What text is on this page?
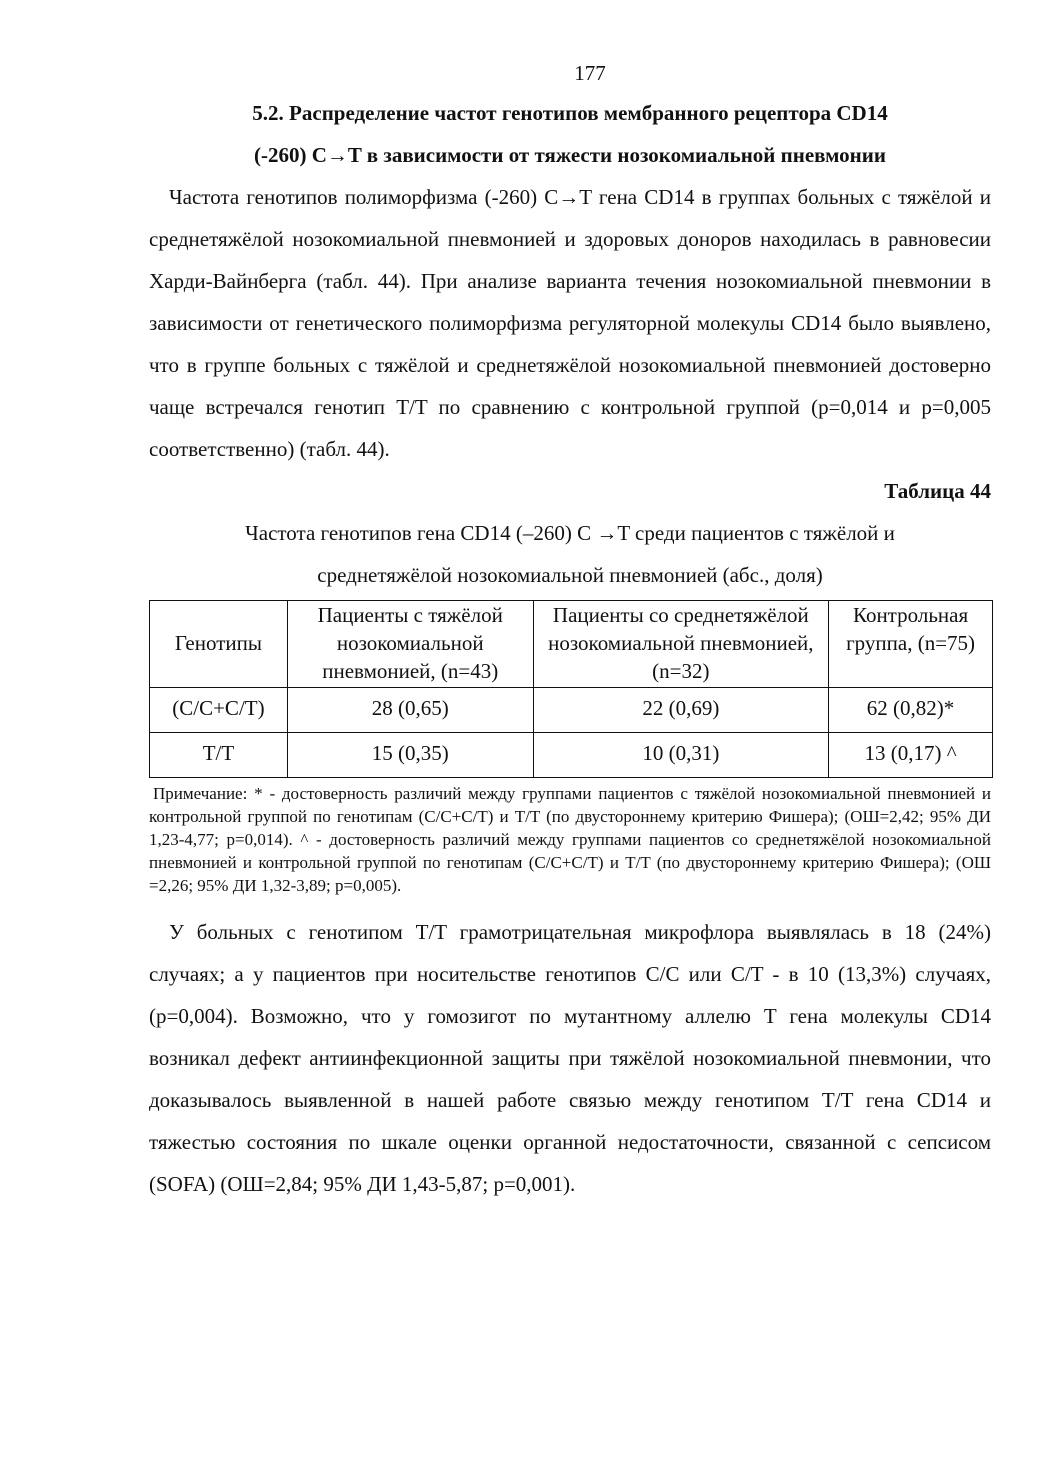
177
5.2. Распределение частот генотипов мембранного рецептора CD14
(-260) C→T в зависимости от тяжести нозокомиальной пневмонии

Частота генотипов полиморфизма (-260) C→T гена CD14 в группах больных с тяжёлой и среднетяжёлой нозокомиальной пневмонией и здоровых доноров находилась в равновесии Харди-Вайнберга (табл. 44). При анализе варианта течения нозокомиальной пневмонии в зависимости от генетического полиморфизма регуляторной молекулы CD14 было выявлено, что в группе больных с тяжёлой и среднетяжёлой нозокомиальной пневмонией достоверно чаще встречался генотип T/T по сравнению с контрольной группой (р=0,014 и р=0,005 соответственно) (табл. 44).

Таблица 44
Частота генотипов гена CD14 (–260) C →T среди пациентов с тяжёлой и
среднетяжёлой нозокомиальной пневмонией (абс., доля)
Генотипы	Пациенты с тяжёлой нозокомиальной пневмонией, (n=43)	Пациенты со среднетяжёлой нозокомиальной пневмонией, (n=32)	Контрольная группа, (n=75)
(C/C+C/T)	28 (0,65)	22 (0,69)	62 (0,82)*
T/T	15 (0,35)	10 (0,31)	13 (0,17) ^
Примечание: * - достоверность различий между группами пациентов с тяжёлой нозокомиальной пневмонией и контрольной группой по генотипам (C/C+C/T) и T/T (по двустороннему критерию Фишера); (ОШ=2,42; 95% ДИ 1,23-4,77; р=0,014). ^ - достоверность различий между группами пациентов со среднетяжёлой нозокомиальной пневмонией и контрольной группой по генотипам (C/C+C/T) и T/T (по двустороннему критерию Фишера); (ОШ =2,26; 95% ДИ 1,32-3,89; р=0,005).

У больных с генотипом T/T грамотрицательная микрофлора выявлялась в 18 (24%) случаях; а у пациентов при носительстве генотипов C/C или C/T - в 10 (13,3%) случаях, (р=0,004). Возможно, что у гомозигот по мутантному аллелю T гена молекулы CD14 возникал дефект антиинфекционной защиты при тяжёлой нозокомиальной пневмонии, что доказывалось выявленной в нашей работе связью между генотипом T/T гена CD14 и тяжестью состояния по шкале оценки органной недостаточности, связанной с сепсисом (SOFA) (ОШ=2,84; 95% ДИ 1,43-5,87; р=0,001).
